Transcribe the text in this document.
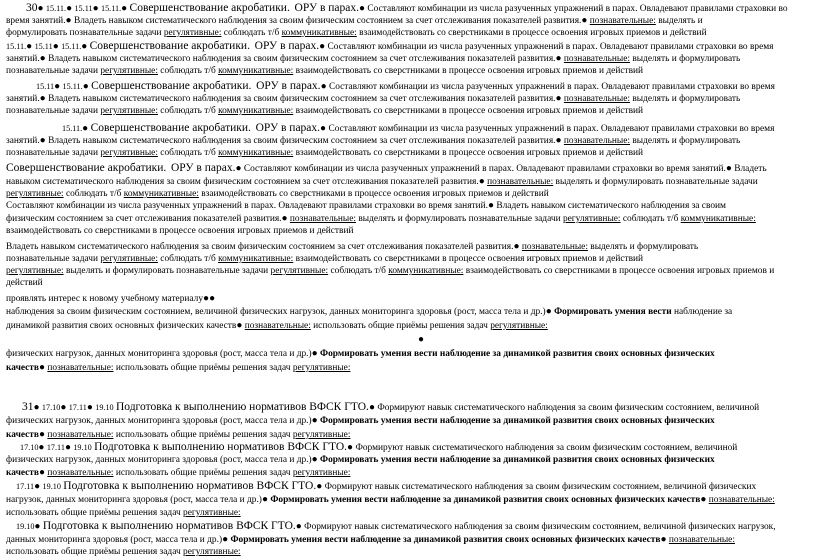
30● 15.11.● 15.11● 15.11.● Совершенствование акробатики. ОРУ в парах.● Составляют комбинации из числа разученных упражнений в парах. Овладевают правилами страховки во
время занятий.● Владеть навыком систематического наблюдения за своим физическим состоянием за счет отслеживания показателей развития.● познавательные: выделять и
формулировать познавательные задачи регулятивные: соблюдать т/б коммуникативные: взаимодействовать со сверстниками в процессе освоения игровых приемов и действий
15.11.● 15.11● 15.11.● Совершенствование акробатики. ОРУ в парах.● Составляют комбинации из числа разученных упражнений в парах. Овладевают правилами страховки во время
занятий.● Владеть навыком систематического наблюдения за своим физическим состоянием за счет отслеживания показателей развития.● познавательные: выделять и формулировать
познавательные задачи регулятивные: соблюдать т/б коммуникативные: взаимодействовать со сверстниками в процессе освоения игровых приемов и действий
15.11● 15.11.● Совершенствование акробатики. ОРУ в парах.● Составляют комбинации из числа разученных упражнений в парах. Овладевают правилами страховки во время
занятий.● Владеть навыком систематического наблюдения за своим физическим состоянием за счет отслеживания показателей развития.● познавательные: выделять и формулировать
познавательные задачи регулятивные: соблюдать т/б коммуникативные: взаимодействовать со сверстниками в процессе освоения игровых приемов и действий
15.11.● Совершенствование акробатики. ОРУ в парах.● Составляют комбинации из числа разученных упражнений в парах. Овладевают правилами страховки во время
занятий.● Владеть навыком систематического наблюдения за своим физическим состоянием за счет отслеживания показателей развития.● познавательные: выделять и формулировать
познавательные задачи регулятивные: соблюдать т/б коммуникативные: взаимодействовать со сверстниками в процессе освоения игровых приемов и действий
Совершенствование акробатики. ОРУ в парах.● Составляют комбинации из числа разученных упражнений в парах. Овладевают правилами страховки во время занятий.● Владеть
навыком систематического наблюдения за своим физическим состоянием за счет отслеживания показателей развития.● познавательные: выделять и формулировать познавательные задачи
регулятивные: соблюдать т/б коммуникативные: взаимодействовать со сверстниками в процессе освоения игровых приемов и действий
Составляют комбинации из числа разученных упражнений в парах. Овладевают правилами страховки во время занятий.● Владеть навыком систематического наблюдения за своим
физическим состоянием за счет отслеживания показателей развития.● познавательные: выделять и формулировать познавательные задачи регулятивные: соблюдать т/б коммуникативные:
взаимодействовать со сверстниками в процессе освоения игровых приемов и действий
Владеть навыком систематического наблюдения за своим физическим состоянием за счет отслеживания показателей развития.● познавательные: выделять и формулировать
познавательные задачи регулятивные: соблюдать т/б коммуникативные: взаимодействовать со сверстниками в процессе освоения игровых приемов и действий
регулятивные: выделять и формулировать познавательные задачи регулятивные: соблюдать т/б коммуникативные: взаимодействовать со сверстниками в процессе освоения игровых приемов и
действий
проявлять интерес к новому учебному материалу●●
наблюдения за своим физическим состоянием, величиной физических нагрузок, данных мониторинга здоровья (рост, масса тела и др.)● Формировать умения вести наблюдение за
динамикой развития своих основных физических качеств● познавательные: использовать общие приёмы решения задач регулятивные:
●
физических нагрузок, данных мониторинга здоровья (рост, масса тела и др.)● Формировать умения вести наблюдение за динамикой развития своих основных физических
качеств● познавательные: использовать общие приёмы решения задач регулятивные:
31● 17.10● 17.11● 19.10 Подготовка к выполнению нормативов ВФСК ГТО.● Формируют навык систематического наблюдения за своим физическим состоянием, величиной
физических нагрузок, данных мониторинга здоровья (рост, масса тела и др.)● Формировать умения вести наблюдение за динамикой развития своих основных физических
качеств● познавательные: использовать общие приёмы решения задач регулятивные:
17.10● 17.11● 19.10 Подготовка к выполнению нормативов ВФСК ГТО.● Формируют навык систематического наблюдения за своим физическим состоянием, величиной
физических нагрузок, данных мониторинга здоровья (рост, масса тела и др.)● Формировать умения вести наблюдение за динамикой развития своих основных физических
качеств● познавательные: использовать общие приёмы решения задач регулятивные:
17.11● 19.10 Подготовка к выполнению нормативов ВФСК ГТО.● Формируют навык систематического наблюдения за своим физическим состоянием, величиной физических
нагрузок, данных мониторинга здоровья (рост, масса тела и др.)● Формировать умения вести наблюдение за динамикой развития своих основных физических качеств● познавательные:
использовать общие приёмы решения задач регулятивные:
19.10● Подготовка к выполнению нормативов ВФСК ГТО.● Формируют навык систематического наблюдения за своим физическим состоянием, величиной физических нагрузок,
данных мониторинга здоровья (рост, масса тела и др.)● Формировать умения вести наблюдение за динамикой развития своих основных физических качеств● познавательные:
использовать общие приёмы решения задач регулятивные:
